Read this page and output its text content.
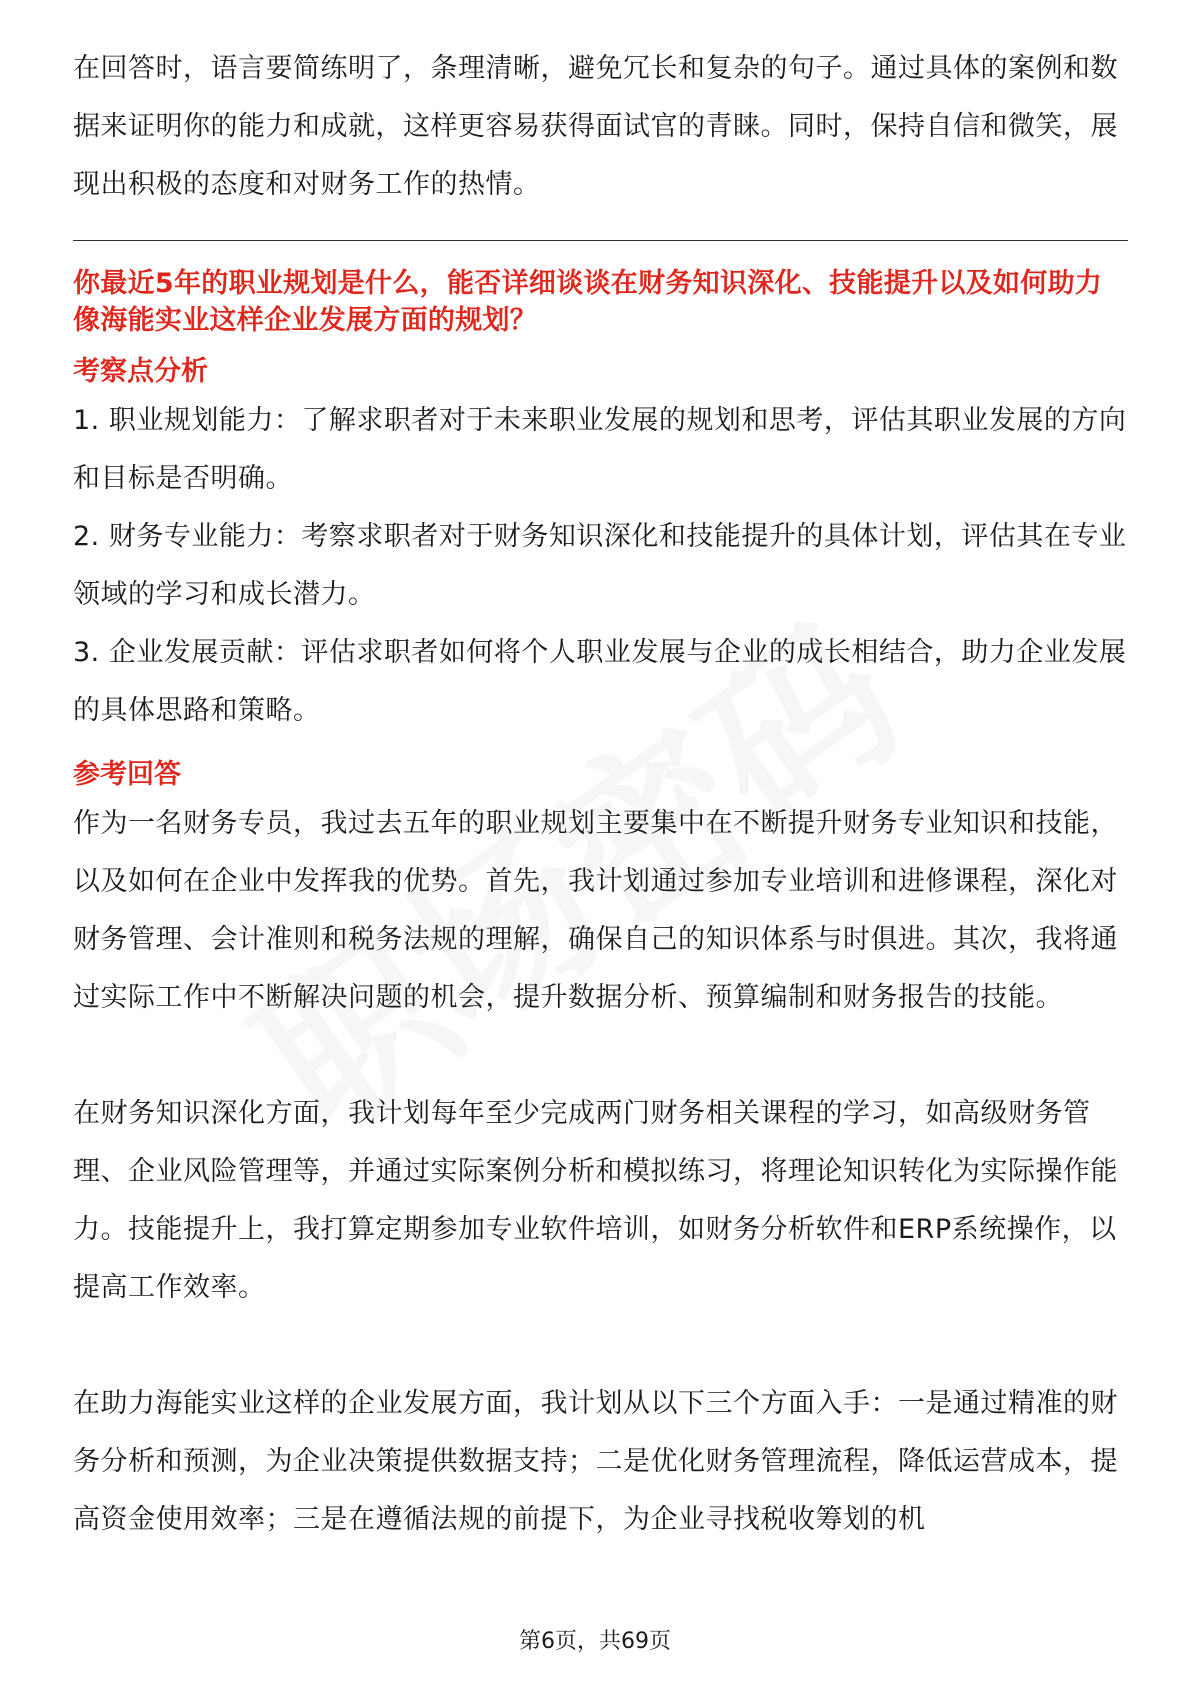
在回答时，语言要简练明了，条理清晰，避免冗长和复杂的句子。通过具体的案例和数据来证明你的能力和成就，这样更容易获得面试官的青睐。同时，保持自信和微笑，展现出积极的态度和对财务工作的热情。

你最近5年的职业规划是什么，能否详细谈谈在财务知识深化、技能提升以及如何助力像海能实业这样企业发展方面的规划？

考察点分析

1. 职业规划能力：了解求职者对于未来职业发展的规划和思考，评估其职业发展的方向和目标是否明确。

2. 财务专业能力：考察求职者对于财务知识深化和技能提升的具体计划，评估其在专业领域的学习和成长潜力。

3. 企业发展贡献：评估求职者如何将个人职业发展与企业的成长相结合，助力企业发展的具体思路和策略。

参考回答

作为一名财务专员，我过去五年的职业规划主要集中在不断提升财务专业知识和技能，以及如何在企业中发挥我的优势。首先，我计划通过参加专业培训和进修课程，深化对财务管理、会计准则和税务法规的理解，确保自己的知识体系与时俱进。其次，我将通过实际工作中不断解决问题的机会，提升数据分析、预算编制和财务报告的技能。

在财务知识深化方面，我计划每年至少完成两门财务相关课程的学习，如高级财务管理、企业风险管理等，并通过实际案例分析和模拟练习，将理论知识转化为实际操作能力。技能提升上，我打算定期参加专业软件培训，如财务分析软件和ERP系统操作，以提高工作效率。

在助力海能实业这样的企业发展方面，我计划从以下三个方面入手：一是通过精准的财务分析和预测，为企业决策提供数据支持；二是优化财务管理流程，降低运营成本，提高资金使用效率；三是在遵循法规的前提下，为企业寻找税收筹划的机

第6页，共69页
